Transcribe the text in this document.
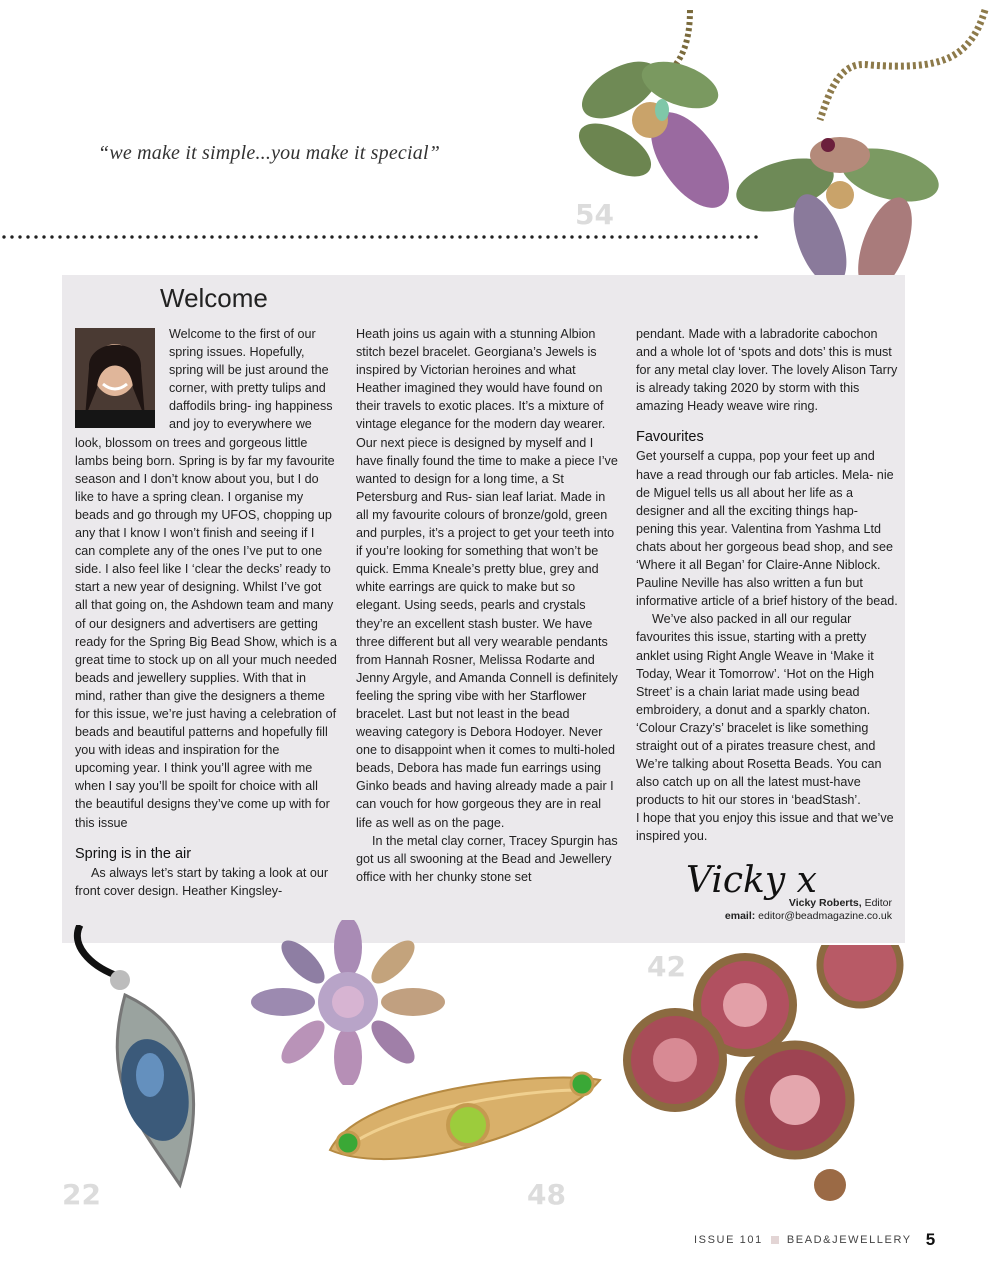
“we make it simple...you make it special”
54
Welcome

Welcome to the first of our spring issues. Hopefully, spring will be just around the corner, with pretty tulips and daffodils bring- ing happiness and joy to everywhere we look, blossom on trees and gorgeous little lambs being born. Spring is by far my favourite season and I don’t know about you, but I do like to have a spring clean. I organise my beads and go through my UFOS, chopping up any that I know I won’t finish and seeing if I can complete any of the ones I’ve put to one side. I also feel like I ‘clear the decks’ ready to start a new year of designing. Whilst I’ve got all that going on, the Ashdown team and many of our designers and advertisers are getting ready for the Spring Big Bead Show, which is a great time to stock up on all your much needed beads and jewellery supplies. With that in mind, rather than give the designers a theme for this issue, we’re just having a celebration of beads and beautiful patterns and hopefully fill you with ideas and inspiration for the upcoming year. I think you’ll agree with me when I say you’ll be spoilt for choice with all the beautiful designs they’ve come up with for this issue

Spring is in the air

As always let’s start by taking a look at our front cover design. Heather Kingsley-

Heath joins us again with a stunning Albion stitch bezel bracelet. Georgiana’s Jewels is inspired by Victorian heroines and what Heather imagined they would have found on their travels to exotic places. It’s a mixture of vintage elegance for the modern day wearer. Our next piece is designed by myself and I have finally found the time to make a piece I’ve wanted to design for a long time, a St Petersburg and Rus- sian leaf lariat. Made in all my favourite colours of bronze/gold, green and purples, it’s a project to get your teeth into if you’re looking for something that won’t be quick. Emma Kneale’s pretty blue, grey and white earrings are quick to make but so elegant. Using seeds, pearls and crystals they’re an excellent stash buster. We have three different but all very wearable pendants from Hannah Rosner, Melissa Rodarte and Jenny Argyle, and Amanda Connell is definitely feeling the spring vibe with her Starflower bracelet. Last but not least in the bead weaving category is Debora Hodoyer. Never one to disappoint when it comes to multi-holed beads, Debora has made fun earrings using Ginko beads and having already made a pair I can vouch for how gorgeous they are in real life as well as on the page.

In the metal clay corner, Tracey Spurgin has got us all swooning at the Bead and Jewellery office with her chunky stone set

pendant. Made with a labradorite cabochon and a whole lot of ‘spots and dots’ this is must for any metal clay lover. The lovely Alison Tarry is already taking 2020 by storm with this amazing Heady weave wire ring.

Favourites

Get yourself a cuppa, pop your feet up and have a read through our fab articles. Mela- nie de Miguel tells us all about her life as a designer and all the exciting things hap- pening this year. Valentina from Yashma Ltd chats about her gorgeous bead shop, and see ‘Where it all Began’ for Claire-Anne Niblock. Pauline Neville has also written a fun but informative article of a brief history of the bead.

We’ve also packed in all our regular favourites this issue, starting with a pretty anklet using Right Angle Weave in ‘Make it Today, Wear it Tomorrow’. ‘Hot on the High Street’ is a chain lariat made using bead embroidery, a donut and a sparkly chaton. ‘Colour Crazy’s’ bracelet is like something straight out of a pirates treasure chest, and We’re talking about Rosetta Beads. You can also catch up on all the latest must-have products to hit our stores in ‘beadStash’.

I hope that you enjoy this issue and that we’ve inspired you.

Vicky x
Vicky Roberts, Editor
email: editor@beadmagazine.co.uk
22	48
42
ISSUE 101 BEAD&JEWELLERY 5
